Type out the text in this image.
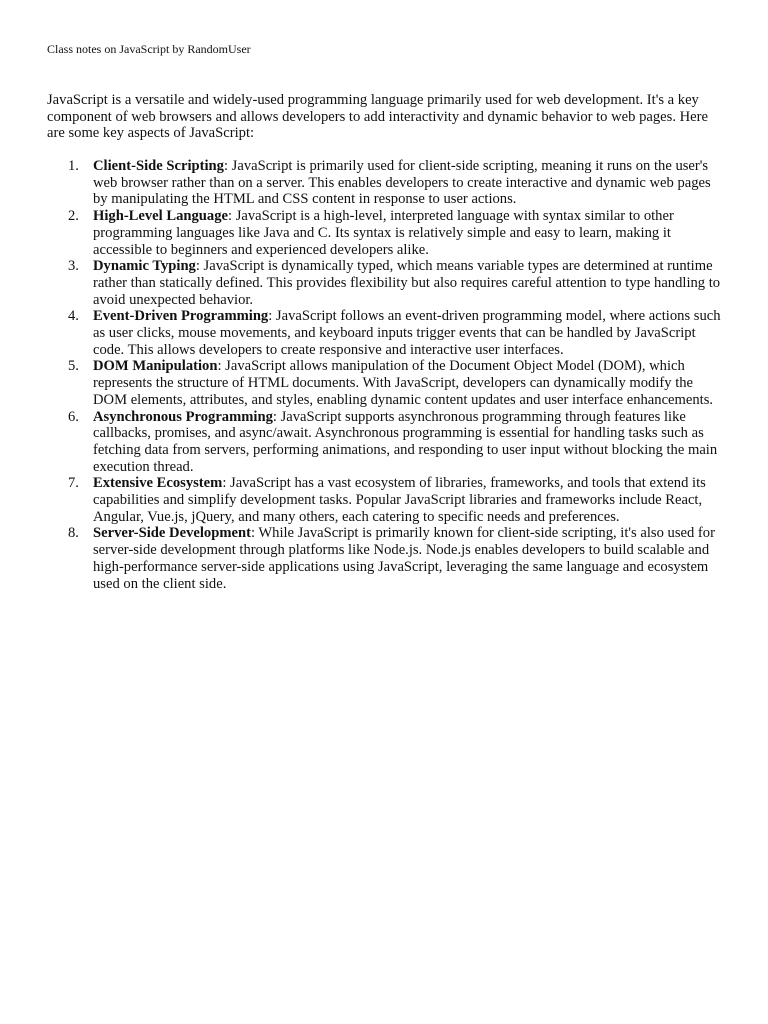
Class notes on JavaScript by RandomUser

JavaScript is a versatile and widely-used programming language primarily used for web development. It's a key component of web browsers and allows developers to add interactivity and dynamic behavior to web pages. Here are some key aspects of JavaScript:

1. Client-Side Scripting: JavaScript is primarily used for client-side scripting, meaning it runs on the user's web browser rather than on a server. This enables developers to create interactive and dynamic web pages by manipulating the HTML and CSS content in response to user actions.
2. High-Level Language: JavaScript is a high-level, interpreted language with syntax similar to other programming languages like Java and C. Its syntax is relatively simple and easy to learn, making it accessible to beginners and experienced developers alike.
3. Dynamic Typing: JavaScript is dynamically typed, which means variable types are determined at runtime rather than statically defined. This provides flexibility but also requires careful attention to type handling to avoid unexpected behavior.
4. Event-Driven Programming: JavaScript follows an event-driven programming model, where actions such as user clicks, mouse movements, and keyboard inputs trigger events that can be handled by JavaScript code. This allows developers to create responsive and interactive user interfaces.
5. DOM Manipulation: JavaScript allows manipulation of the Document Object Model (DOM), which represents the structure of HTML documents. With JavaScript, developers can dynamically modify the DOM elements, attributes, and styles, enabling dynamic content updates and user interface enhancements.
6. Asynchronous Programming: JavaScript supports asynchronous programming through features like callbacks, promises, and async/await. Asynchronous programming is essential for handling tasks such as fetching data from servers, performing animations, and responding to user input without blocking the main execution thread.
7. Extensive Ecosystem: JavaScript has a vast ecosystem of libraries, frameworks, and tools that extend its capabilities and simplify development tasks. Popular JavaScript libraries and frameworks include React, Angular, Vue.js, jQuery, and many others, each catering to specific needs and preferences.
8. Server-Side Development: While JavaScript is primarily known for client-side scripting, it's also used for server-side development through platforms like Node.js. Node.js enables developers to build scalable and high-performance server-side applications using JavaScript, leveraging the same language and ecosystem used on the client side.
